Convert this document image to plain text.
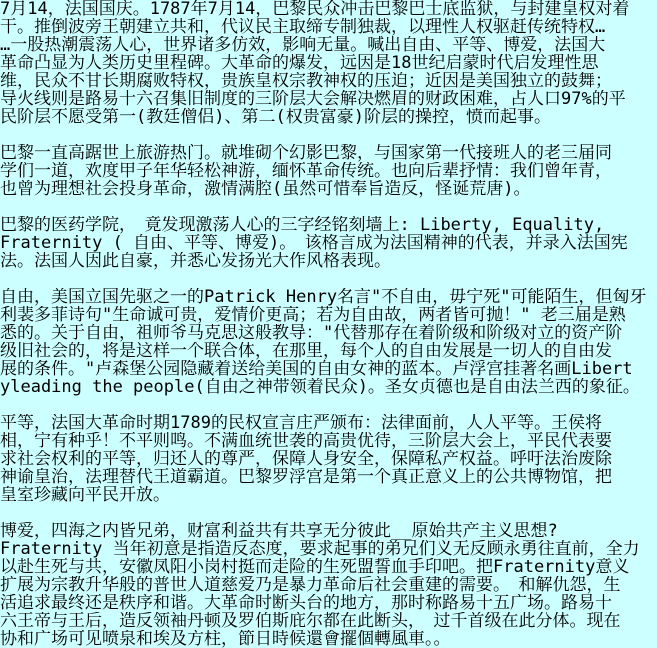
7月14，法国国庆。1787年7月14，巴黎民众冲击巴黎巴士底监狱，与封建皇权对着
干。推倒波旁王朝建立共和，代议民主取缔专制独裁，以理性人权驱赶传统特权…
…一股热潮震荡人心，世界诸多仿效，影响无量。喊出自由、平等、博爱，法国大
革命凸显为人类历史里程碑。大革命的爆发，远因是18世纪启蒙时代启发理性思
维，民众不甘长期腐败特权，贵族皇权宗教神权的压迫；近因是美国独立的鼓舞；
导火线则是路易十六召集旧制度的三阶层大会解决燃眉的财政困难，占人口97%的平
民阶层不愿受第一(教廷僧侣)、第二(权贵富豪)阶层的操控，愤而起事。
巴黎一直高踞世上旅游热门。就堆砌个幻影巴黎，与国家第一代接班人的老三届同
学们一道，欢度甲子年华轻松神游，缅怀革命传统。也向后辈抒情：我们曾年青，
也曾为理想社会投身革命，激情满腔(虽然可惜奉旨造反，怪诞荒唐)。
巴黎的医药学院，　竟发现激荡人心的三字经铭刻墙上: Liberty, Equality,
Fraternity ( 自由、平等、博爱)。　该格言成为法国精神的代表，并录入法国宪
法。法国人因此自豪，并悉心发扬光大作风格表现。
自由，美国立国先驱之一的Patrick Henry名言"不自由，毋宁死"可能陌生，但匈牙
利裴多菲诗句"生命诚可贵，爱情价更高；若为自由故，两者皆可抛！" 老三届是熟
悉的。关于自由，祖师爷马克思这般教导："代替那存在着阶级和阶级对立的资产阶
级旧社会的，将是这样一个联合体，在那里，每个人的自由发展是一切人的自由发
展的条件。"卢森堡公园隐藏着送给美国的自由女神的蓝本。卢浮宫挂著名画Libert
yleading the people(自由之神带领着民众)。圣女贞德也是自由法兰西的象征。
平等，法国大革命时期1789的民权宣言庄严颁布：法律面前，人人平等。王侯将
相，宁有种乎！不平则鸣。不满血统世袭的高贵优待，三阶层大会上，平民代表要
求社会权利的平等，归还人的尊严，保障人身安全，保障私产权益。呼吁法治废除
神谕皇治，法理替代王道霸道。巴黎罗浮宫是第一个真正意义上的公共博物馆，把
皇室珍藏向平民开放。
博爱，四海之内皆兄弟，财富利益共有共享无分彼此__原始共产主义思想?
Fraternity 当年初意是指造反态度，要求起事的弟兄们义无反顾永勇往直前，全力
以赴生死与共，安徽凤阳小岗村挺而走险的生死盟誓血手印吧。把Fraternity意义
扩展为宗教升华般的普世人道慈爱乃是暴力革命后社会重建的需要。　和解仇怨，生
活追求最终还是秩序和谐。大革命时断头台的地方，那时称路易十五广场。路易十
六王帝与王后，造反领袖丹顿及罗伯斯庇尔都在此断头，　过千首级在此分体。现在
协和广场可见喷泉和埃及方柱，節日時候還會擺個轉風車。。
